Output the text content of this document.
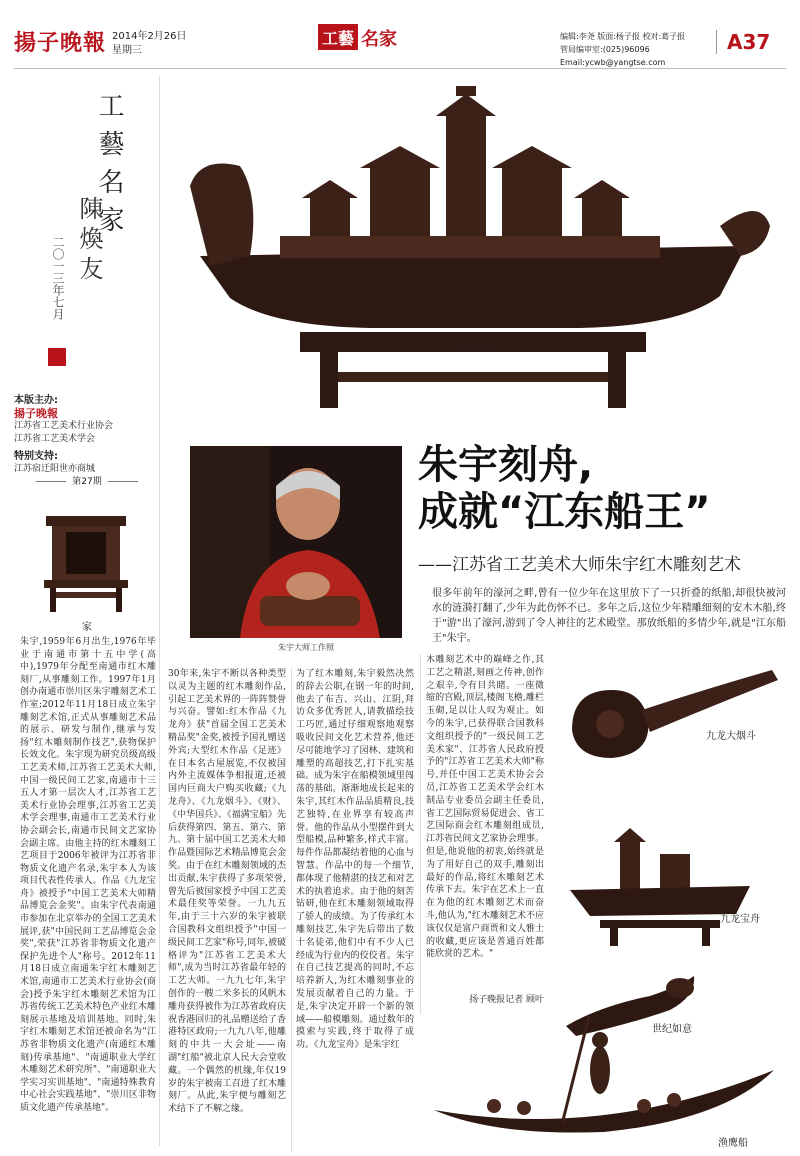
揚子晚報 2014年2月26日
星期三
工藝 名家	编辑:李尧 版面:杨子报 校对:葛子报
管局编审室:(025)96096 Email:ycwb@yangtse.com
A37
工藝名家
陳煥友
二〇一三年七月
本版主办:
揚子晚報
江苏省工艺美术行业协会
江苏省工艺美术学会
特别支持:
江苏宿迁阳世亦商城
第27期
家
朱宇,1959年6月出生,1976年毕业于南通市第十五中学(高中),1979年分配至南通市红木雕刻厂,从事雕刻工作。1997年1月创办南通市崇川区朱宇雕刻艺术工作室;2012年11月18日成立朱宇雕刻艺术馆,正式从事雕刻艺术品的展示、研发与制作,继承与发扬"红木雕刻制作技艺",获物保护长效文化。朱宇现为研究员级高级工艺美术师,江苏省工艺美术大师,中国一级民间工艺家,南通市十三五人才第一层次人才,江苏省工艺美术行业协会理事,江苏省工艺美术学会理事,南通市工艺美术行业协会副会长,南通市民间文艺家协会副主席。由他主持的红木雕刻工艺项目于2006年被评为江苏省非物质文化遗产名录,朱宇本人为该项目代表性传承人。作品《九龙宝舟》被授予"中国工艺美术大师精品博览会金奖"。由朱宇代表南通市参加在北京举办的全国工艺美术展评,获"中国民间工艺品博览会金奖",荣获"江苏省非物质文化遗产保护先进个人"称号。2012年11月18日成立南通朱宇红木雕刻艺术馆,南通市工艺美术行业协会(商会)授予朱宇红木雕刻艺术馆为江苏省传统工艺美术特色产业红木雕刻展示基地及培训基地。同时,朱宇红木雕刻艺术馆还被命名为"江苏省非物质文化遗产(南通红木雕刻)传承基地"、"南通职业大学红木雕刻艺术研究所"、"南通职业大学实习实训基地"、"南通特殊教育中心社会实践基地"、"崇川区非物质文化遗产传承基地"。
九龙宝舟
朱宇大师工作照
朱宇刻舟,
成就“江东船王”
——江苏省工艺美术大师朱宇红木雕刻艺术
很多年前年的濠河之畔,曾有一位少年在这里放下了一只折叠的纸船,却很快被河水的涟漪打翻了,少年为此伤怀不已。多年之后,这位少年精雕细刻的安木木船,终于"游"出了濠河,游到了令人神往的艺术殿堂。那放纸船的多情少年,就是"江东船王"朱宇。
30年来,朱宇不断以各种类型以灵为主题的红木雕刻作品,引起工艺美术界的一阵阵赞誉与兴奋。譬如:红木作品《九龙舟》获"首届全国工艺美术精品奖"金奖,被授予国礼赠送外宾;大型红木作品《足迹》在日本名古屋展览,不仅被国内外主流媒体争相报道,还被国内巨商大户购买收藏;《九龙舟》、《九龙烟斗》、《财》、《中华国兵》、《福满宝船》先后获得第四、第五、第六、第九、第十届中国工艺美术大师作品暨国际艺术精品博览会金奖。由于在红木雕刻领域的杰出贡献,朱宇获得了多项荣誉,曾先后被国家授予中国工艺美术最佳奖等荣誉。一九九五年,由于三十六岁的朱宇被联合国教科文组织授予"中国一级民间工艺家"称号,同年,被破格评为"江苏省工艺美术大师",成为当时江苏省最年轻的工艺大师。一九九七年,朱宇创作的一艘二米多长的风帆木雕舟获得被作为江苏省政府庆祝香港回归的礼品赠送给了香港特区政府;一九九八年,他雕刻的中共一大会址——南湖"红船"被北京人民大会堂收藏。一个偶然的机缘,年仅19岁的朱宇被南工召进了红木雕刻厂。从此,朱宇便与雕刻艺术结下了不解之缘。
为了红木雕刻,朱宇毅然决然的辞去公职,在钢一年的时间,他去了布吉、兴山、江阴,拜访众多优秀匠人,请教描绘技工巧匠,通过仔细观察地观察吸收民间文化艺术营养,他还尽可能地学习了园林、建筑和雕塑的高超技艺,打下扎实基础。成为朱宇在船模领域里闯荡的基础。渐渐地成长起来的朱宇,其红木作品品质精良,技艺独特,在业界享有较高声誉。他的作品从小型摆件到大型船模,品种繁多,样式丰富。每件作品都凝结着他的心血与智慧。作品中的每一个细节,都体现了他精湛的技艺和对艺术的执着追求。由于他的刻苦钻研,他在红木雕刻领域取得了骄人的成绩。为了传承红木雕刻技艺,朱宇先后带出了数十名徒弟,他们中有不少人已经成为行业内的佼佼者。朱宇在自己技艺提高的同时,不忘培养新人,为红木雕刻事业的发展贡献着自己的力量。于是,朱宇决定开辟一个新的领域——船模雕刻。通过数年的摸索与实践,终于取得了成功。《九龙宝舟》是朱宇红
木雕刻艺术中的巅峰之作,其工艺之精湛,刻画之传神,创作之艰辛,令有目共睹。一座微缩的宫殿,顶层,楼阁飞檐,雕栏玉砌,足以让人叹为观止。如今的朱宇,已获得联合国教科文组织授予的"一级民间工艺美术家"、江苏省人民政府授予的"江苏省工艺美术大师"称号,并任中国工艺美术协会会员,江苏省工艺美术学会红木制品专业委员会副主任委员,省工艺国际贸易促进会、省工艺国际商会红木雕刻组成员,江苏省民间文艺家协会理事。但是,他说他的初衷,始终就是为了用好自己的双手,雕刻出最好的作品,将红木雕刻艺术传承下去。朱宇在艺术上一直在为他的红木雕刻艺术而奋斗,他认为,"红木雕刻艺术不应该仅仅是富户商贾和文人雅士的收藏,更应该是普通百姓都能欣赏的艺术。"
扬子晚报记者 顾叶
九龙大烟斗
九龙宝舟
世纪如意
渔鹰船
